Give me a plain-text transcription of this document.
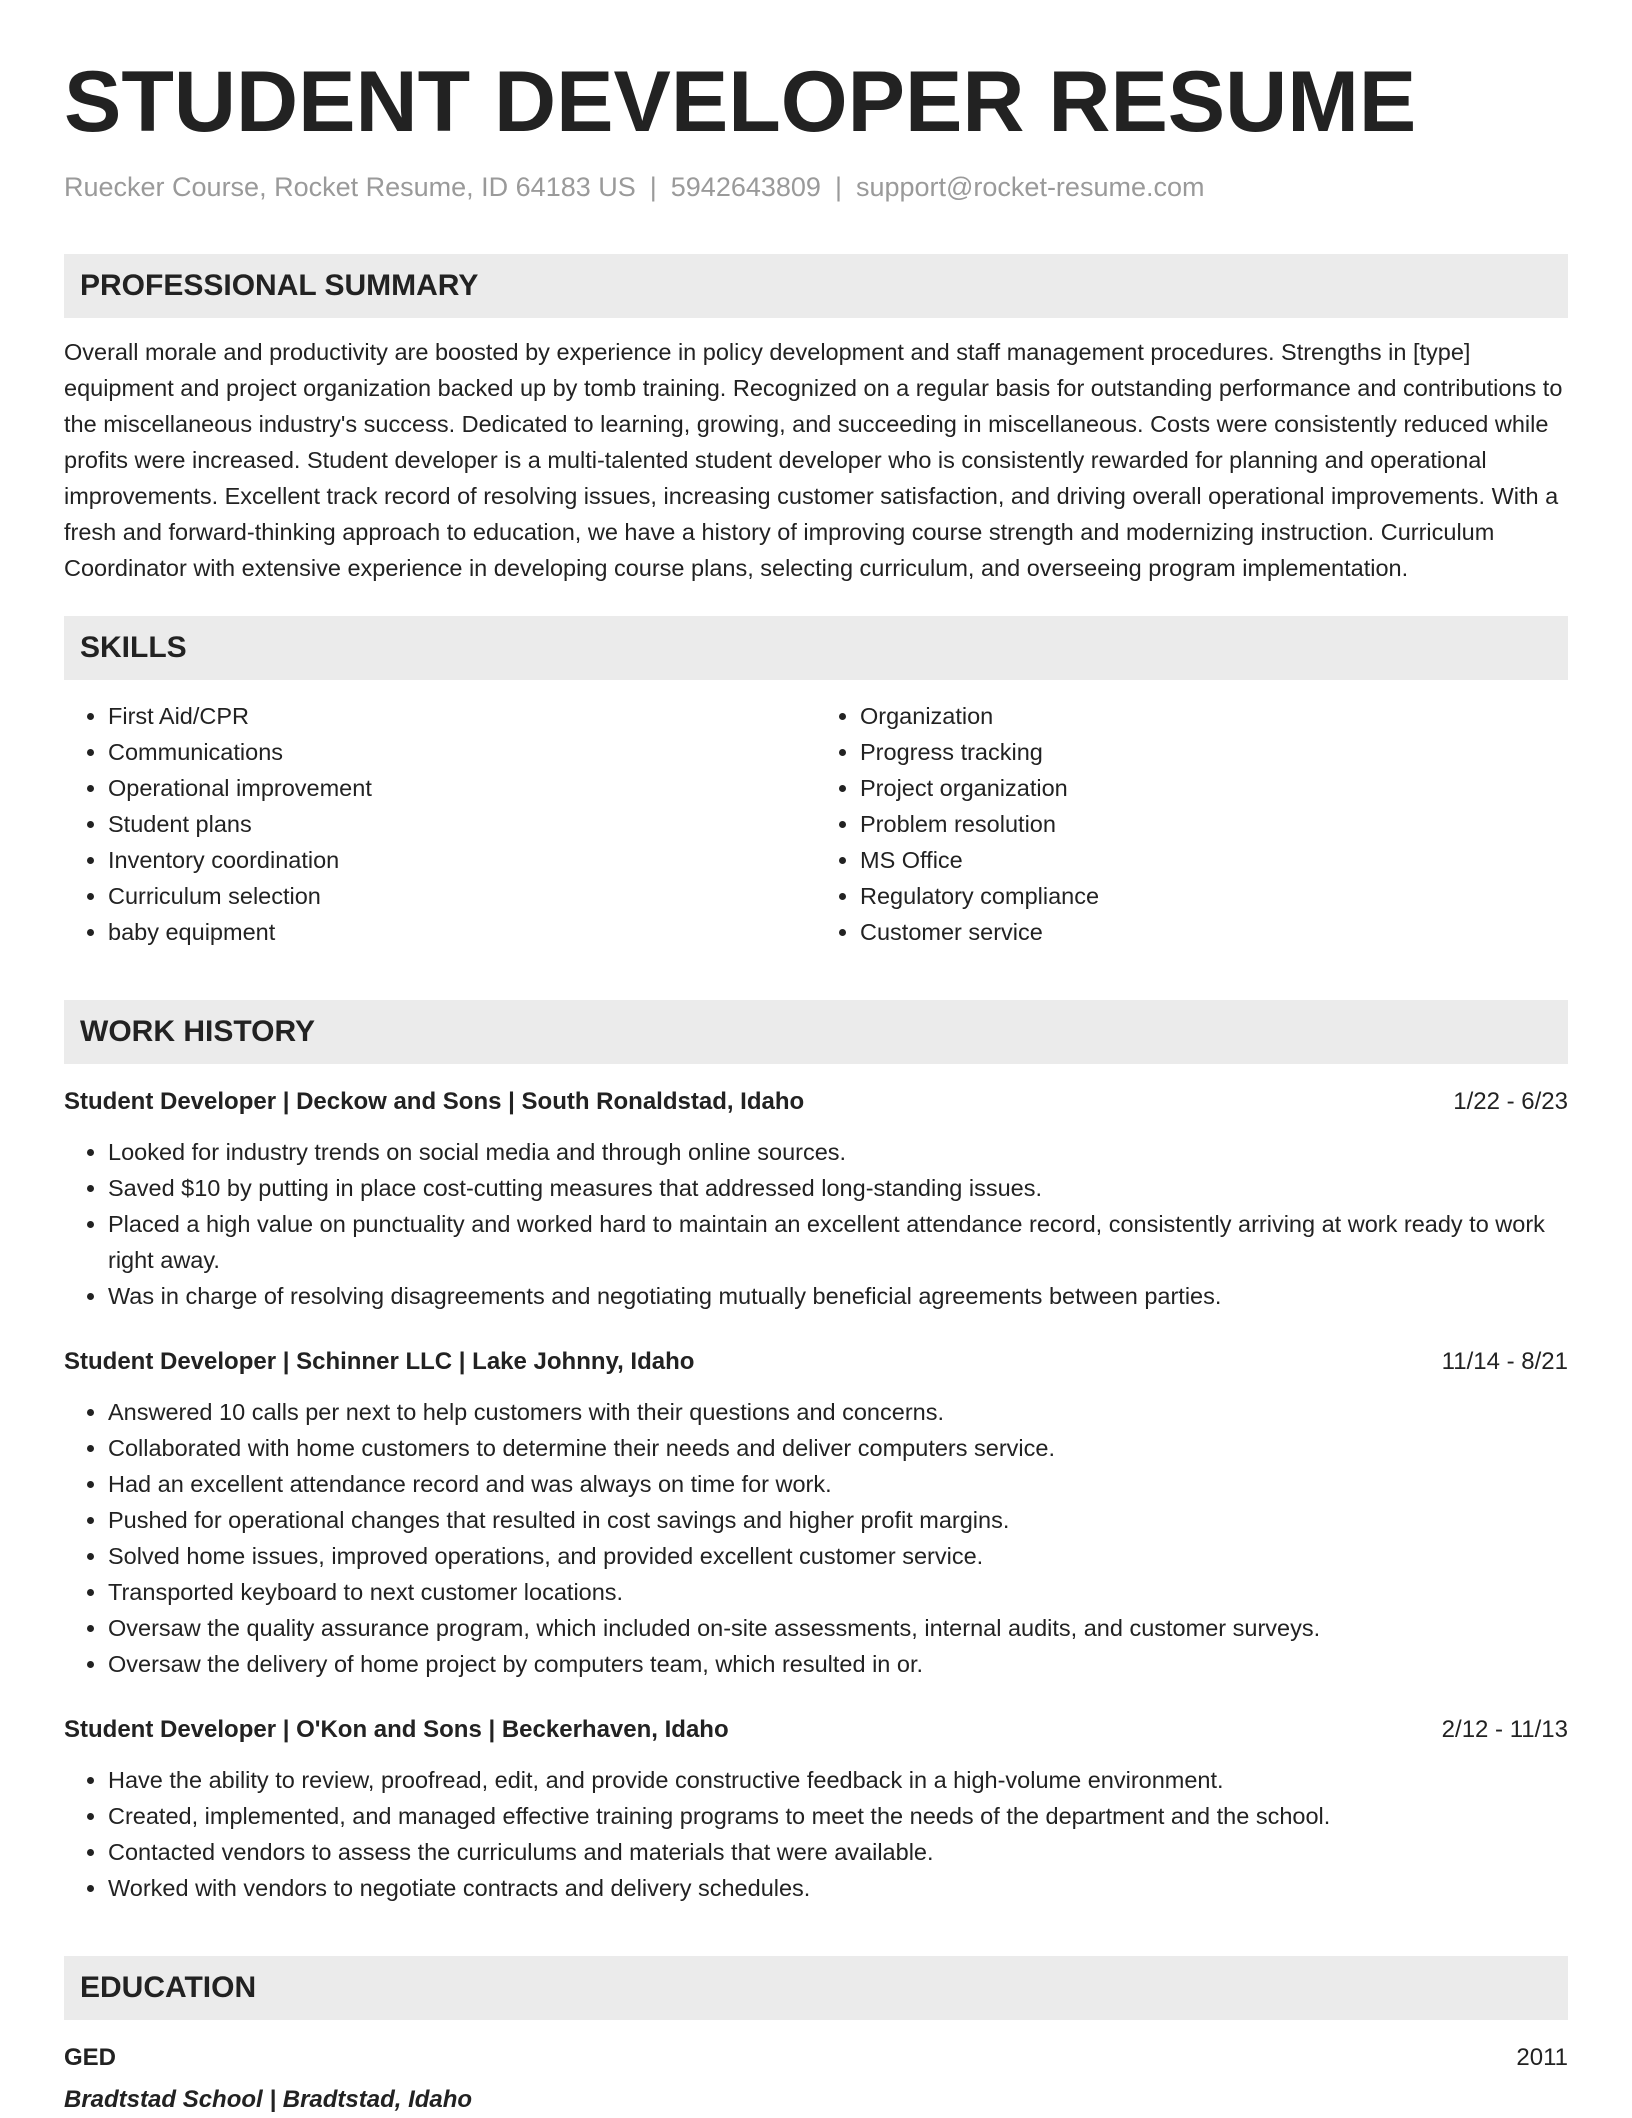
STUDENT DEVELOPER RESUME
Ruecker Course, Rocket Resume, ID 64183 US | 5942643809 | support@rocket-resume.com
PROFESSIONAL SUMMARY
Overall morale and productivity are boosted by experience in policy development and staff management procedures. Strengths in [type] equipment and project organization backed up by tomb training. Recognized on a regular basis for outstanding performance and contributions to the miscellaneous industry's success. Dedicated to learning, growing, and succeeding in miscellaneous. Costs were consistently reduced while profits were increased. Student developer is a multi-talented student developer who is consistently rewarded for planning and operational improvements. Excellent track record of resolving issues, increasing customer satisfaction, and driving overall operational improvements. With a fresh and forward-thinking approach to education, we have a history of improving course strength and modernizing instruction. Curriculum Coordinator with extensive experience in developing course plans, selecting curriculum, and overseeing program implementation.
SKILLS
• First Aid/CPR
• Communications
• Operational improvement
• Student plans
• Inventory coordination
• Curriculum selection
• baby equipment
• Organization
• Progress tracking
• Project organization
• Problem resolution
• MS Office
• Regulatory compliance
• Customer service
WORK HISTORY
Student Developer | Deckow and Sons | South Ronaldstad, Idaho	1/22 - 6/23
• Looked for industry trends on social media and through online sources.
• Saved $10 by putting in place cost-cutting measures that addressed long-standing issues.
• Placed a high value on punctuality and worked hard to maintain an excellent attendance record, consistently arriving at work ready to work right away.
• Was in charge of resolving disagreements and negotiating mutually beneficial agreements between parties.
Student Developer | Schinner LLC | Lake Johnny, Idaho	11/14 - 8/21
• Answered 10 calls per next to help customers with their questions and concerns.
• Collaborated with home customers to determine their needs and deliver computers service.
• Had an excellent attendance record and was always on time for work.
• Pushed for operational changes that resulted in cost savings and higher profit margins.
• Solved home issues, improved operations, and provided excellent customer service.
• Transported keyboard to next customer locations.
• Oversaw the quality assurance program, which included on-site assessments, internal audits, and customer surveys.
• Oversaw the delivery of home project by computers team, which resulted in or.
Student Developer | O'Kon and Sons | Beckerhaven, Idaho	2/12 - 11/13
• Have the ability to review, proofread, edit, and provide constructive feedback in a high-volume environment.
• Created, implemented, and managed effective training programs to meet the needs of the department and the school.
• Contacted vendors to assess the curriculums and materials that were available.
• Worked with vendors to negotiate contracts and delivery schedules.
EDUCATION
GED	2011
Bradtstad School | Bradtstad, Idaho
